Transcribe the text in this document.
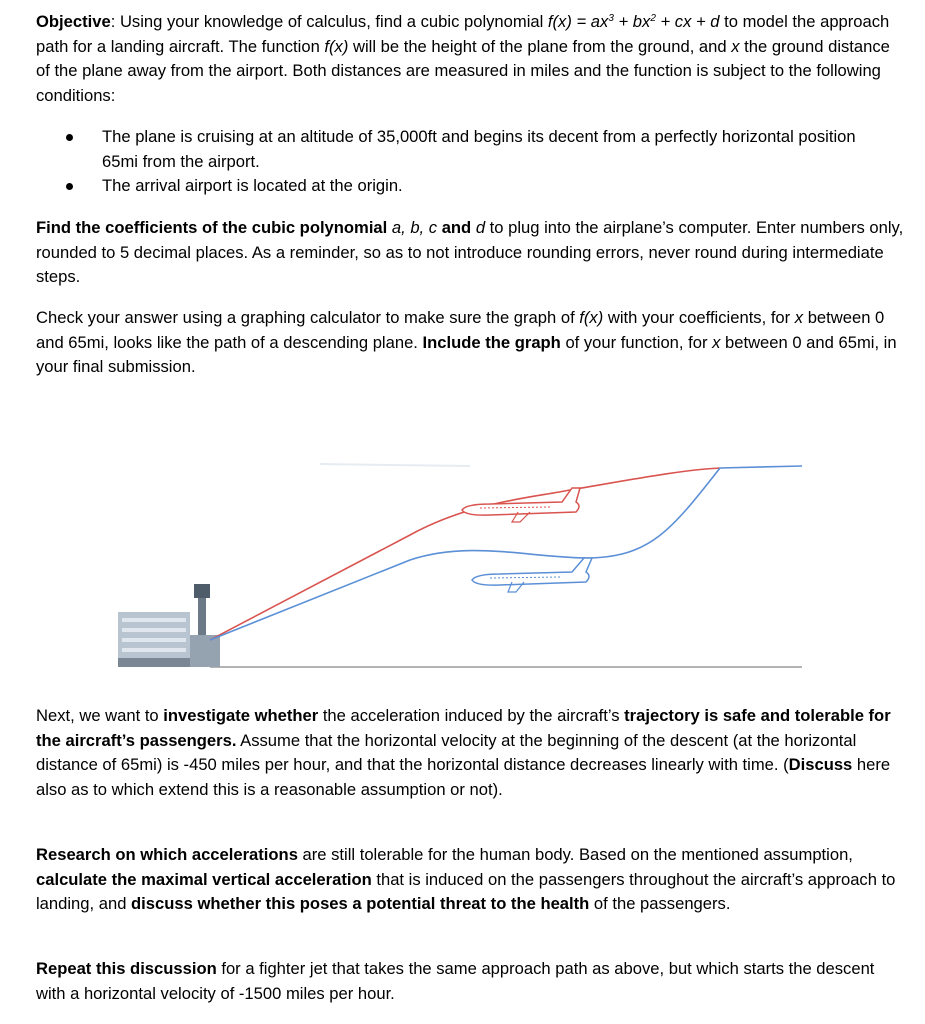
Objective: Using your knowledge of calculus, find a cubic polynomial $f(x) = ax^3 + bx^2$ + cx + d to model the approach path for a landing aircraft. The function f(x) will be the height of the plane from the ground, and x the ground distance of the plane away from the airport. Both distances are measured in miles and the function is subject to the following conditions:

The plane is cruising at an altitude of 35,000ft and begins its decent from a perfectly horizontal position 65mi from the airport.
The arrival airport is located at the origin.

Find the coefficients of the cubic polynomial a, b, c and d to plug into the airplane’s computer. Enter numbers only, rounded to 5 decimal places. As a reminder, so as to not introduce rounding errors, never round during intermediate steps.

Check your answer using a graphing calculator to make sure the graph of f(x) with your coefficients, for x between 0 and 65mi, looks like the path of a descending plane. Include the graph of your function, for x between 0 and 65mi, in your final submission.

Next, we want to investigate whether the acceleration induced by the aircraft’s trajectory is safe and tolerable for the aircraft’s passengers. Assume that the horizontal velocity at the beginning of the descent (at the horizontal distance of 65mi) is -450 miles per hour, and that the horizontal distance decreases linearly with time. (Discuss here also as to which extend this is a reasonable assumption or not).

Research on which accelerations are still tolerable for the human body. Based on the mentioned assumption, calculate the maximal vertical acceleration that is induced on the passengers throughout the aircraft’s approach to landing, and discuss whether this poses a potential threat to the health of the passengers.

Repeat this discussion for a fighter jet that takes the same approach path as above, but which starts the descent with a horizontal velocity of -1500 miles per hour.
